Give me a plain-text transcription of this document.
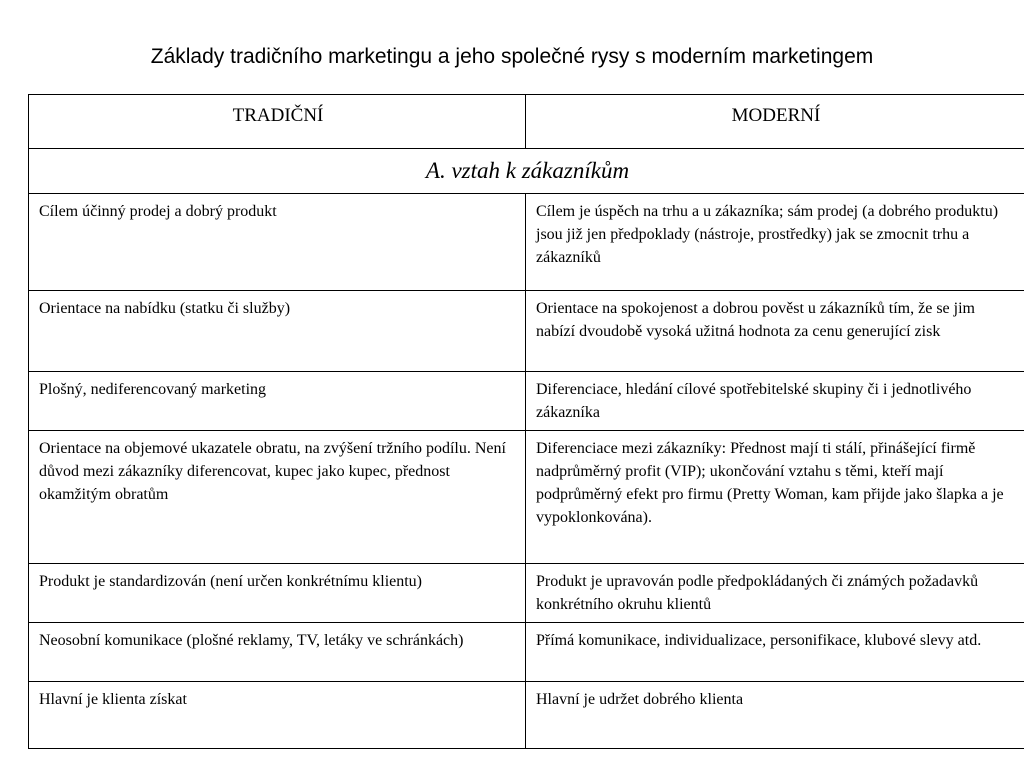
Základy tradičního marketingu a jeho společné rysy s moderním marketingem
TRADIČNÍ	MODERNÍ
A. vztah k zákazníkům	
Cílem účinný prodej a dobrý produkt	Cílem je úspěch na trhu a u zákazníka; sám prodej (a dobrého produktu) jsou již jen předpoklady (nástroje, prostředky) jak se zmocnit trhu a zákazníků
Orientace na nabídku (statku či služby)	Orientace na spokojenost a dobrou pověst u zákazníků tím, že se jim nabízí dvoudobě vysoká užitná hodnota za cenu generující zisk
Plošný, nediferencovaný marketing	Diferenciace, hledání cílové spotřebitelské skupiny či i jednotlivého zákazníka
Orientace na objemové ukazatele obratu, na zvýšení tržního podílu. Není důvod mezi zákazníky diferencovat, kupec jako kupec, přednost okamžitým obratům	Diferenciace mezi zákazníky: Přednost mají ti stálí, přinášející firmě nadprůměrný profit (VIP); ukončování vztahu s těmi, kteří mají podprůměrný efekt pro firmu (Pretty Woman, kam přijde jako šlapka a je vypoklonkována).
Produkt je standardizován (není určen konkrétnímu klientu)	Produkt je upravován podle předpokládaných či známých požadavků konkrétního okruhu klientů
Neosobní komunikace (plošné reklamy, TV, letáky ve schránkách)	Přímá komunikace, individualizace, personifikace, klubové slevy atd.
Hlavní je klienta získat	Hlavní je udržet dobrého klienta
